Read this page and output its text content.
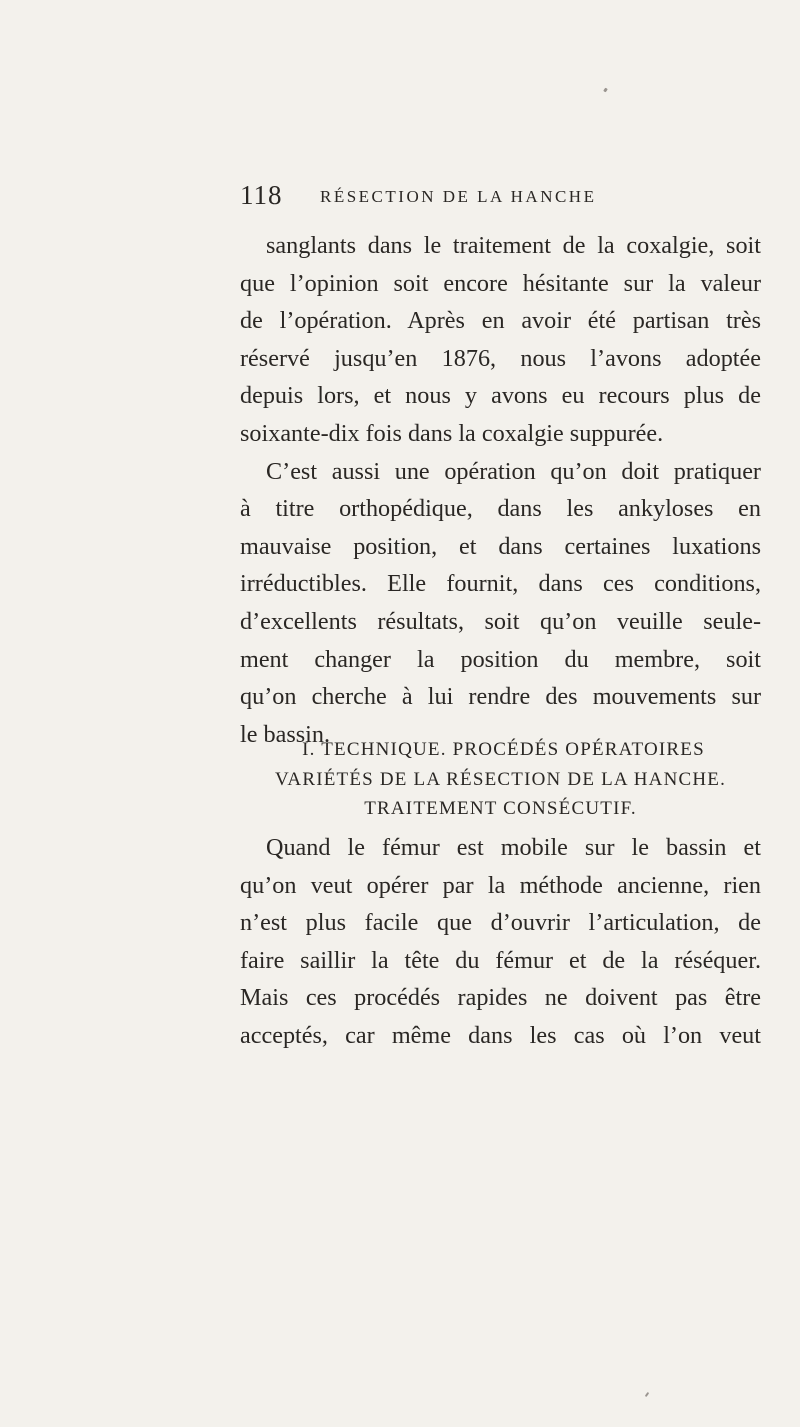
118 RÉSECTION DE LA HANCHE
sanglants dans le traitement de la coxalgie, soit
que l’opinion soit encore hésitante sur la valeur
de l’opération. Après en avoir été partisan très
réservé jusqu’en 1876, nous l’avons adoptée
depuis lors, et nous y avons eu recours plus de
soixante-dix fois dans la coxalgie suppurée.
C’est aussi une opération qu’on doit pratiquer
à titre orthopédique, dans les ankyloses en
mauvaise position, et dans certaines luxations
irréductibles. Elle fournit, dans ces conditions,
d’excellents résultats, soit qu’on veuille seule-
ment changer la position du membre, soit
qu’on cherche à lui rendre des mouvements sur
le bassin.
I. TECHNIQUE. PROCÉDÉS OPÉRATOIRES
VARIÉTÉS DE LA RÉSECTION DE LA HANCHE.
TRAITEMENT CONSÉCUTIF.
Quand le fémur est mobile sur le bassin et
qu’on veut opérer par la méthode ancienne, rien
n’est plus facile que d’ouvrir l’articulation, de
faire saillir la tête du fémur et de la réséquer.
Mais ces procédés rapides ne doivent pas être
acceptés, car même dans les cas où l’on veut
